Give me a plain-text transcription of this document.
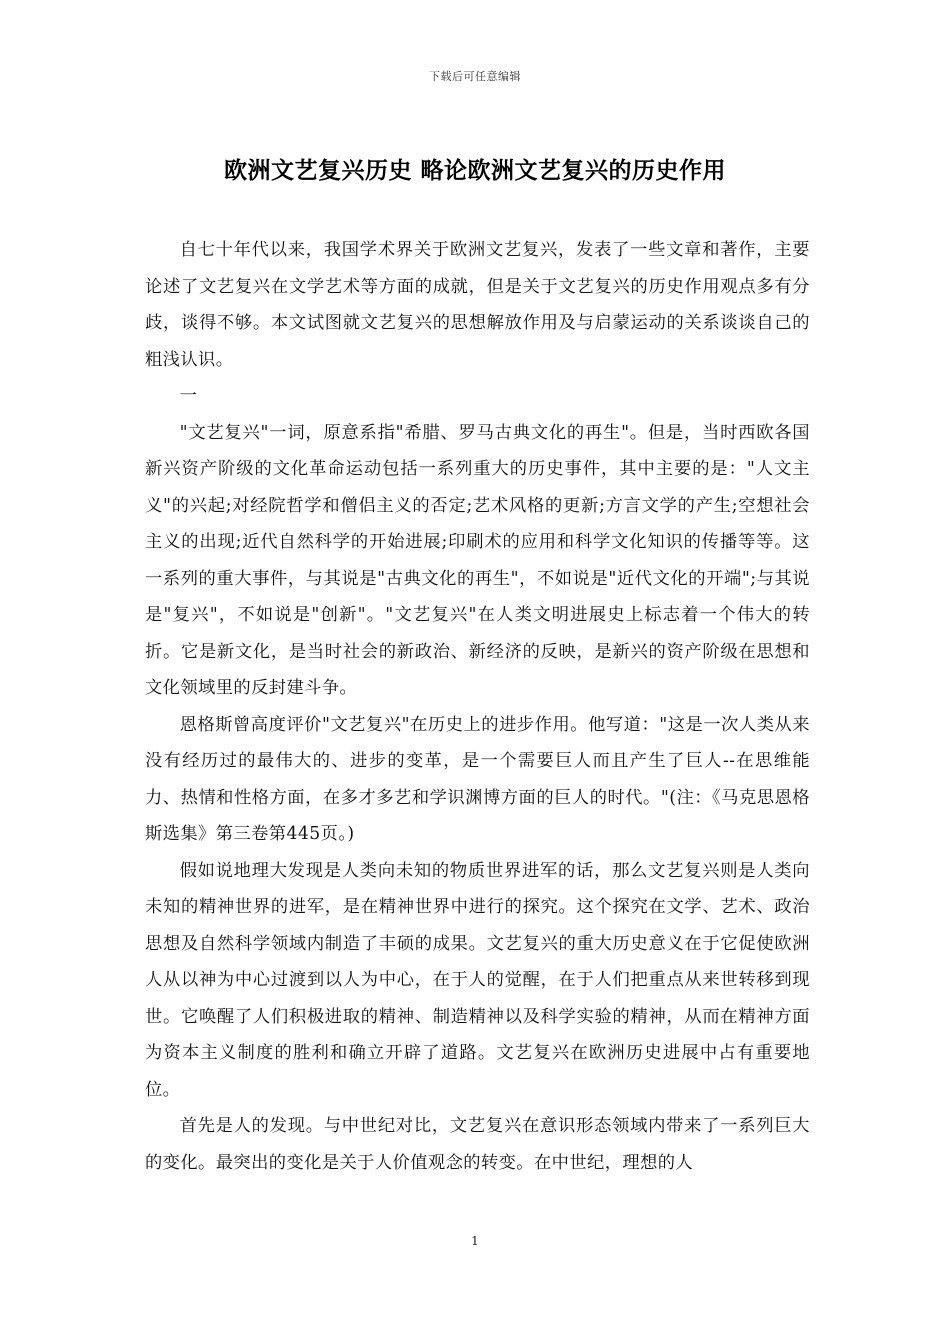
下载后可任意编辑
欧洲文艺复兴历史 略论欧洲文艺复兴的历史作用

自七十年代以来，我国学术界关于欧洲文艺复兴，发表了一些文章和著作，主要论述了文艺复兴在文学艺术等方面的成就，但是关于文艺复兴的历史作用观点多有分歧，谈得不够。本文试图就文艺复兴的思想解放作用及与启蒙运动的关系谈谈自己的粗浅认识。

一

"文艺复兴"一词，原意系指"希腊、罗马古典文化的再生"。但是，当时西欧各国新兴资产阶级的文化革命运动包括一系列重大的历史事件，其中主要的是："人文主义"的兴起;对经院哲学和僧侣主义的否定;艺术风格的更新;方言文学的产生;空想社会主义的出现;近代自然科学的开始进展;印刷术的应用和科学文化知识的传播等等。这一系列的重大事件，与其说是"古典文化的再生"，不如说是"近代文化的开端";与其说是"复兴"，不如说是"创新"。"文艺复兴"在人类文明进展史上标志着一个伟大的转折。它是新文化，是当时社会的新政治、新经济的反映，是新兴的资产阶级在思想和文化领域里的反封建斗争。

恩格斯曾高度评价"文艺复兴"在历史上的进步作用。他写道："这是一次人类从来没有经历过的最伟大的、进步的变革，是一个需要巨人而且产生了巨人--在思维能力、热情和性格方面，在多才多艺和学识渊博方面的巨人的时代。"(注：《马克思恩格斯选集》第三卷第445页。)

假如说地理大发现是人类向未知的物质世界进军的话，那么文艺复兴则是人类向未知的精神世界的进军，是在精神世界中进行的探究。这个探究在文学、艺术、政治思想及自然科学领域内制造了丰硕的成果。文艺复兴的重大历史意义在于它促使欧洲人从以神为中心过渡到以人为中心，在于人的觉醒，在于人们把重点从来世转移到现世。它唤醒了人们积极进取的精神、制造精神以及科学实验的精神，从而在精神方面为资本主义制度的胜利和确立开辟了道路。文艺复兴在欧洲历史进展中占有重要地位。

首先是人的发现。与中世纪对比，文艺复兴在意识形态领域内带来了一系列巨大的变化。最突出的变化是关于人价值观念的转变。在中世纪，理想的人

1
